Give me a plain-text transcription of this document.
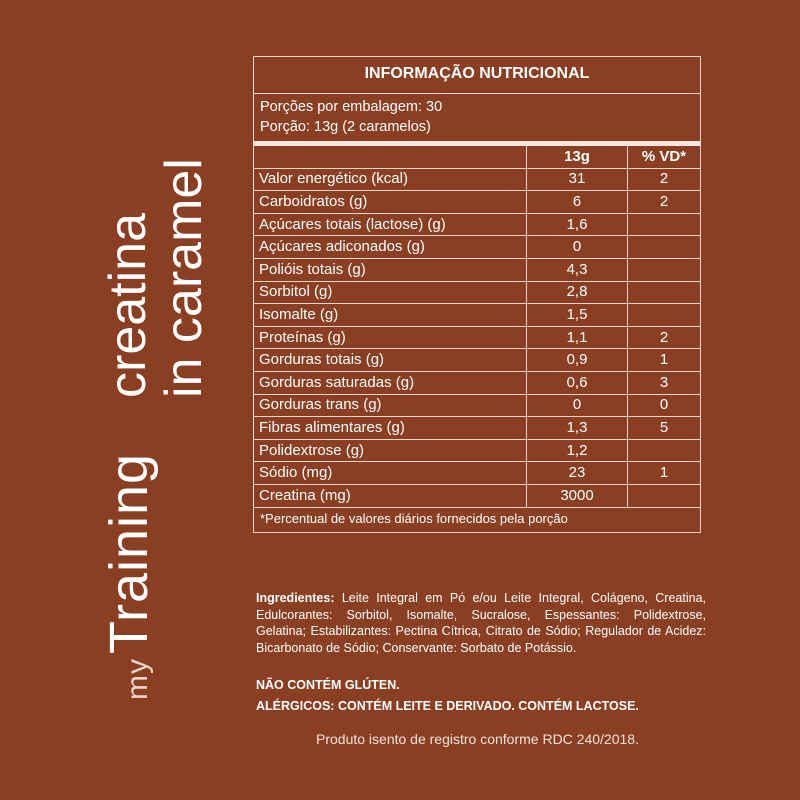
my
Training
creatina
in caramel
INFORMAÇÃO NUTRICIONAL
Porções por embalagem: 30
Porção: 13g (2 caramelos)
	13g	% VD*
Valor energético (kcal)	31	2
Carboidratos (g)	6	2
Açúcares totais (lactose) (g)	1,6	
Açúcares adiconados (g)	0	
Polióis totais (g)	4,3	
Sorbitol (g)	2,8	
Isomalte (g)	1,5	
Proteínas (g)	1,1	2
Gorduras totais (g)	0,9	1
Gorduras saturadas (g)	0,6	3
Gorduras trans (g)	0	0
Fibras alimentares (g)	1,3	5
Polidextrose (g)	1,2	
Sódio (mg)	23	1
Creatina (mg)	3000	
*Percentual de valores diários fornecidos pela porção
Ingredientes: Leite Integral em Pó e/ou Leite Integral, Colágeno, Creatina, Edulcorantes: Sorbitol, Isomalte, Sucralose, Espessantes: Polidextrose, Gelatina; Estabilizantes: Pectina Cítrica, Citrato de Sódio; Regulador de Acidez: Bicarbonato de Sódio; Conservante: Sorbato de Potássio.
NÃO CONTÉM GLÚTEN.
ALÉRGICOS: CONTÉM LEITE E DERIVADO. CONTÉM LACTOSE.
Produto isento de registro conforme RDC 240/2018.
